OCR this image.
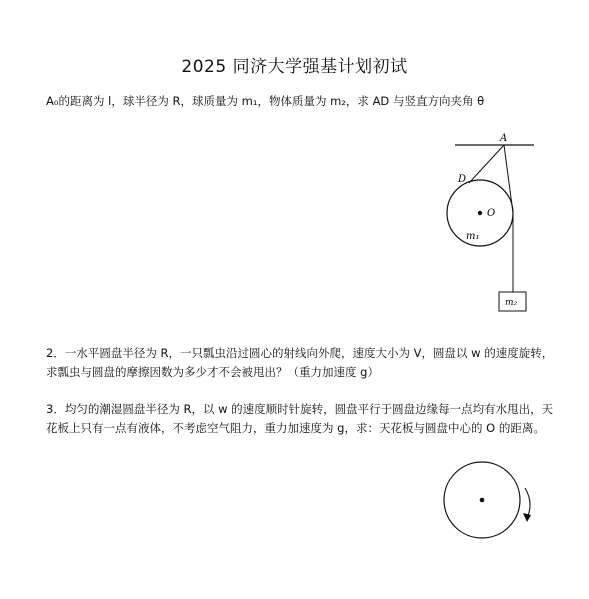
2025 同济大学强基计划初试
A₀的距离为 l，球半径为 R，球质量为 m₁，物体质量为 m₂，求 AD 与竖直方向夹角 θ
A
D
O
m₁
m₂
2．一水平圆盘半径为 R，一只瓢虫沿过圆心的射线向外爬，速度大小为 V，圆盘以 w 的速度旋转，求瓢虫与圆盘的摩擦因数为多少才不会被甩出？（重力加速度 g）
3．均匀的潮湿圆盘半径为 R，以 w 的速度顺时针旋转，圆盘平行于圆盘边缘每一点均有水甩出，天花板上只有一点有液体，不考虑空气阻力，重力加速度为 g，求：天花板与圆盘中心的 O 的距离。
